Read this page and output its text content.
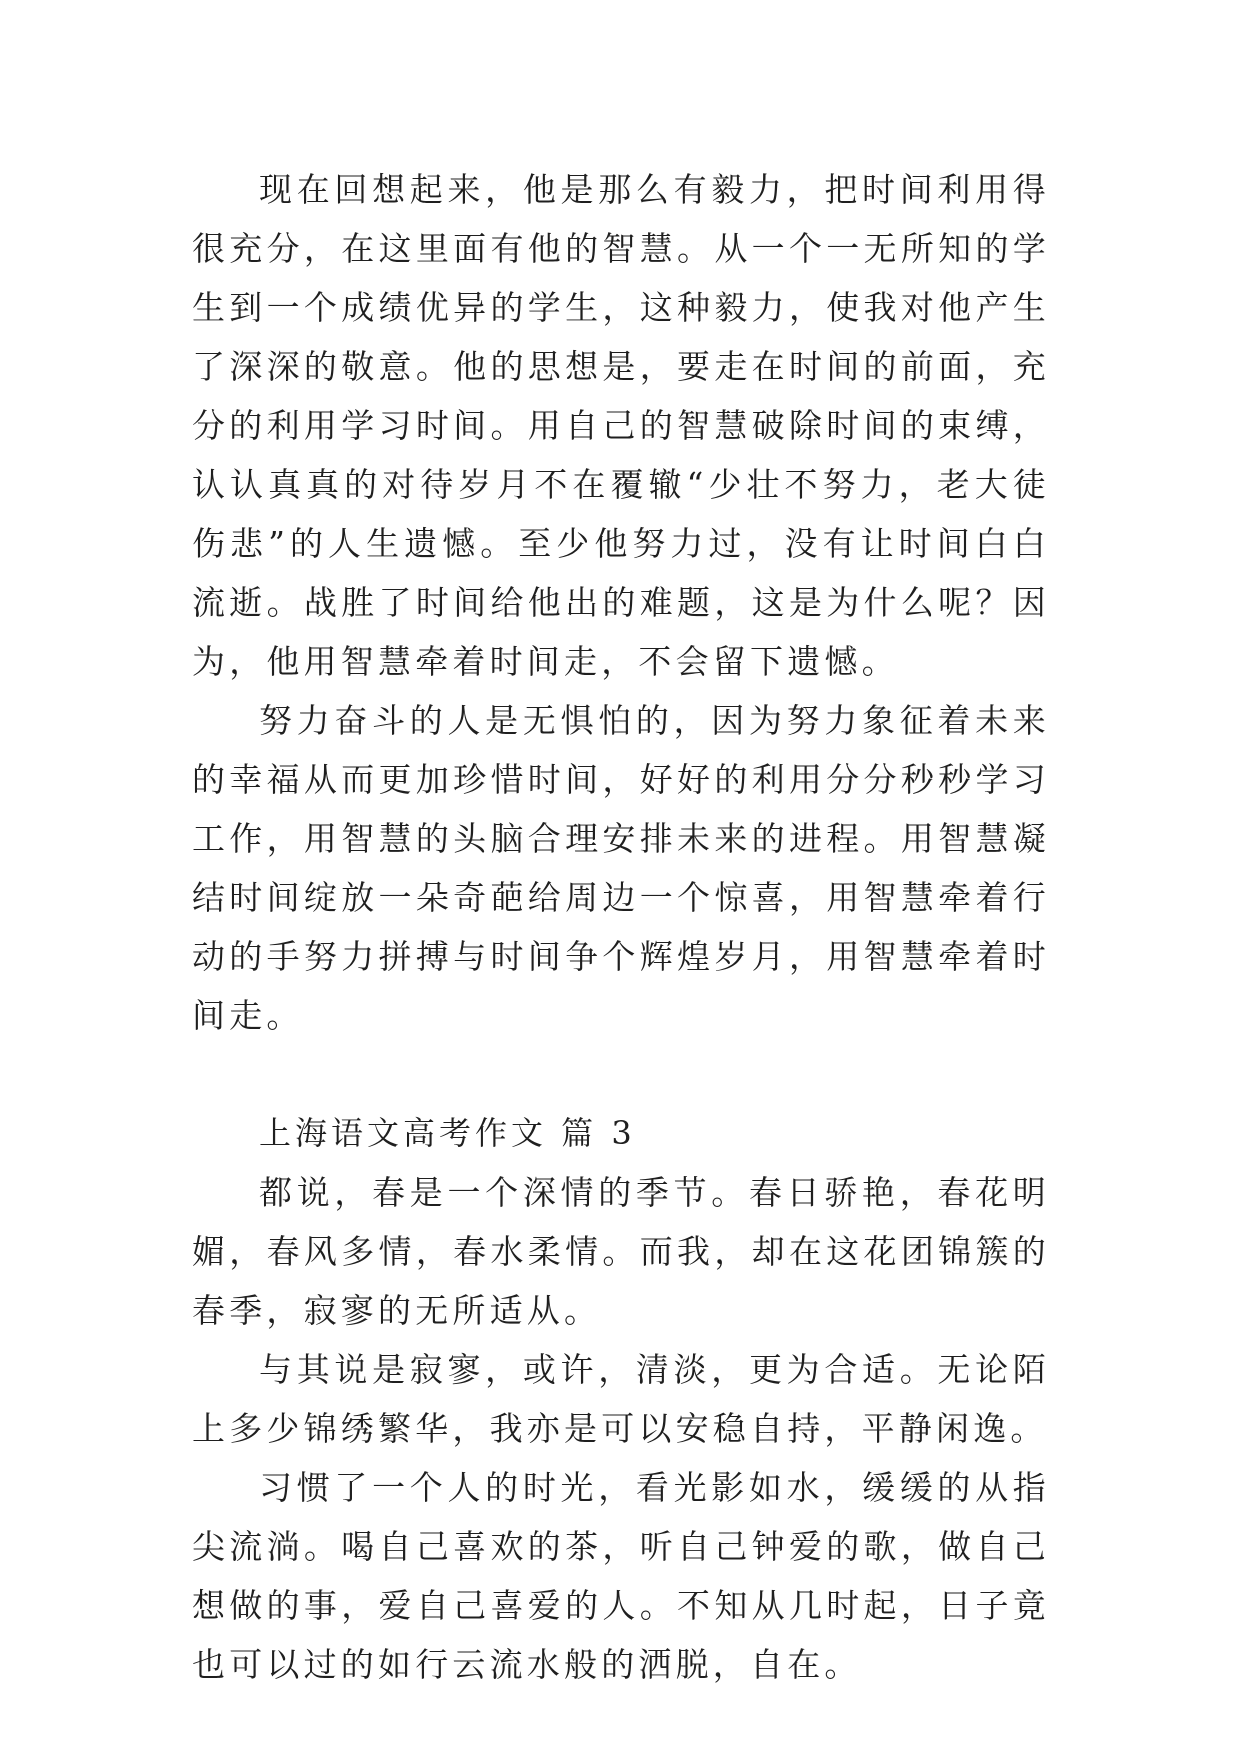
现在回想起来，他是那么有毅力，把时间利用得很充分，在这里面有他的智慧。从一个一无所知的学生到一个成绩优异的学生，这种毅力，使我对他产生了深深的敬意。他的思想是，要走在时间的前面，充分的利用学习时间。用自己的智慧破除时间的束缚，认认真真的对待岁月不在覆辙“少壮不努力，老大徒伤悲”的人生遗憾。至少他努力过，没有让时间白白流逝。战胜了时间给他出的难题，这是为什么呢？因为，他用智慧牵着时间走，不会留下遗憾。

努力奋斗的人是无惧怕的，因为努力象征着未来的幸福从而更加珍惜时间，好好的利用分分秒秒学习工作，用智慧的头脑合理安排未来的进程。用智慧凝结时间绽放一朵奇葩给周边一个惊喜，用智慧牵着行动的手努力拼搏与时间争个辉煌岁月，用智慧牵着时间走。

上海语文高考作文 篇 3

都说，春是一个深情的季节。春日骄艳，春花明媚，春风多情，春水柔情。而我，却在这花团锦簇的春季，寂寥的无所适从。

与其说是寂寥，或许，清淡，更为合适。无论陌上多少锦绣繁华，我亦是可以安稳自持，平静闲逸。

习惯了一个人的时光，看光影如水，缓缓的从指尖流淌。喝自己喜欢的茶，听自己钟爱的歌，做自己想做的事，爱自己喜爱的人。不知从几时起，日子竟也可以过的如行云流水般的洒脱，自在。
